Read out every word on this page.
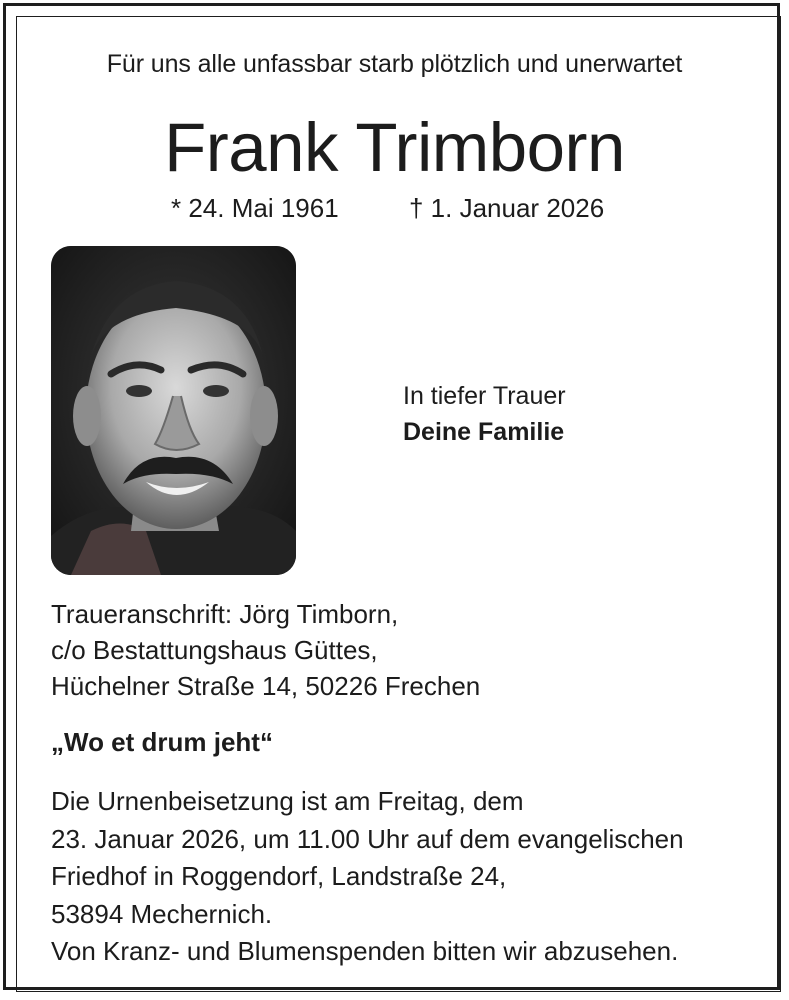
Für uns alle unfassbar starb plötzlich und unerwartet
Frank Trimborn
* 24. Mai 1961	† 1. Januar 2026
In tiefer Trauer
Deine Familie
Traueranschrift: Jörg Timborn,
c/o Bestattungshaus Güttes,
Hüchelner Straße 14, 50226 Frechen
„Wo et drum jeht“
Die Urnenbeisetzung ist am Freitag, dem
23. Januar 2026, um 11.00 Uhr auf dem evangelischen
Friedhof in Roggendorf, Landstraße 24,
53894 Mechernich.
Von Kranz- und Blumenspenden bitten wir abzusehen.
